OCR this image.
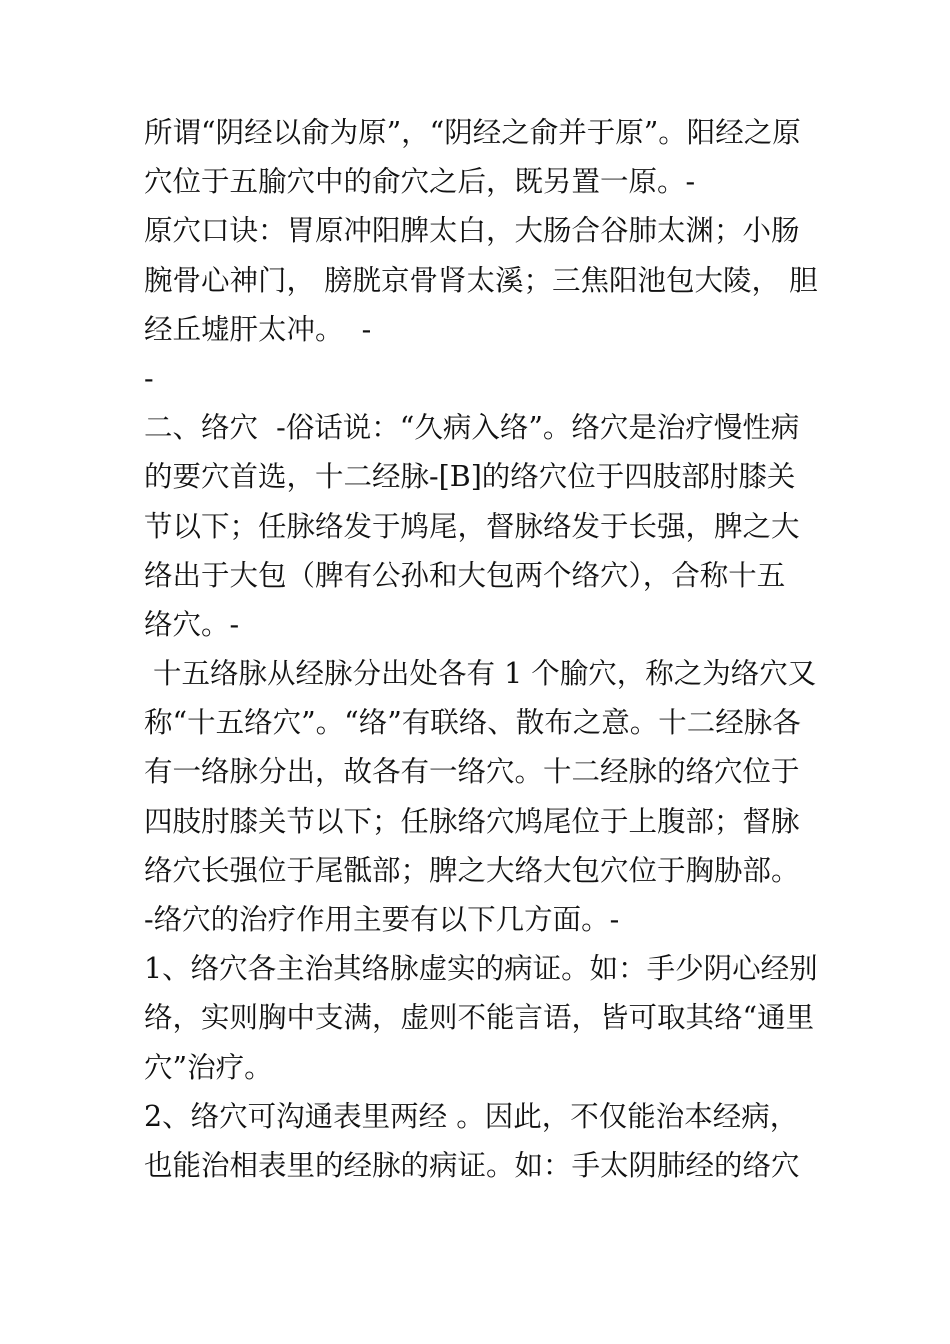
所谓“阴经以俞为原”，“阴经之俞并于原”。阳经之原
穴位于五腧穴中的俞穴之后，既另置一原。-
原穴口诀：胃原冲阳脾太白，大肠合谷肺太渊；小肠
腕骨心神门， 膀胱京骨肾太溪；三焦阳池包大陵， 胆
经丘墟肝太冲。  -
-
二、络穴  -俗话说：“久病入络”。络穴是治疗慢性病
的要穴首选，十二经脉-[B]的络穴位于四肢部肘膝关
节以下；任脉络发于鸠尾，督脉络发于长强，脾之大
络出于大包（脾有公孙和大包两个络穴），合称十五
络穴。-
十五络脉从经脉分出处各有 1 个腧穴，称之为络穴又
称“十五络穴”。“络”有联络、散布之意。十二经脉各
有一络脉分出，故各有一络穴。十二经脉的络穴位于
四肢肘膝关节以下；任脉络穴鸠尾位于上腹部；督脉
络穴长强位于尾骶部；脾之大络大包穴位于胸胁部。
-络穴的治疗作用主要有以下几方面。-
1、络穴各主治其络脉虚实的病证。如：手少阴心经别
络，实则胸中支满，虚则不能言语，皆可取其络“通里
穴”治疗。
2、络穴可沟通表里两经 。因此，不仅能治本经病，
也能治相表里的经脉的病证。如：手太阴肺经的络穴
